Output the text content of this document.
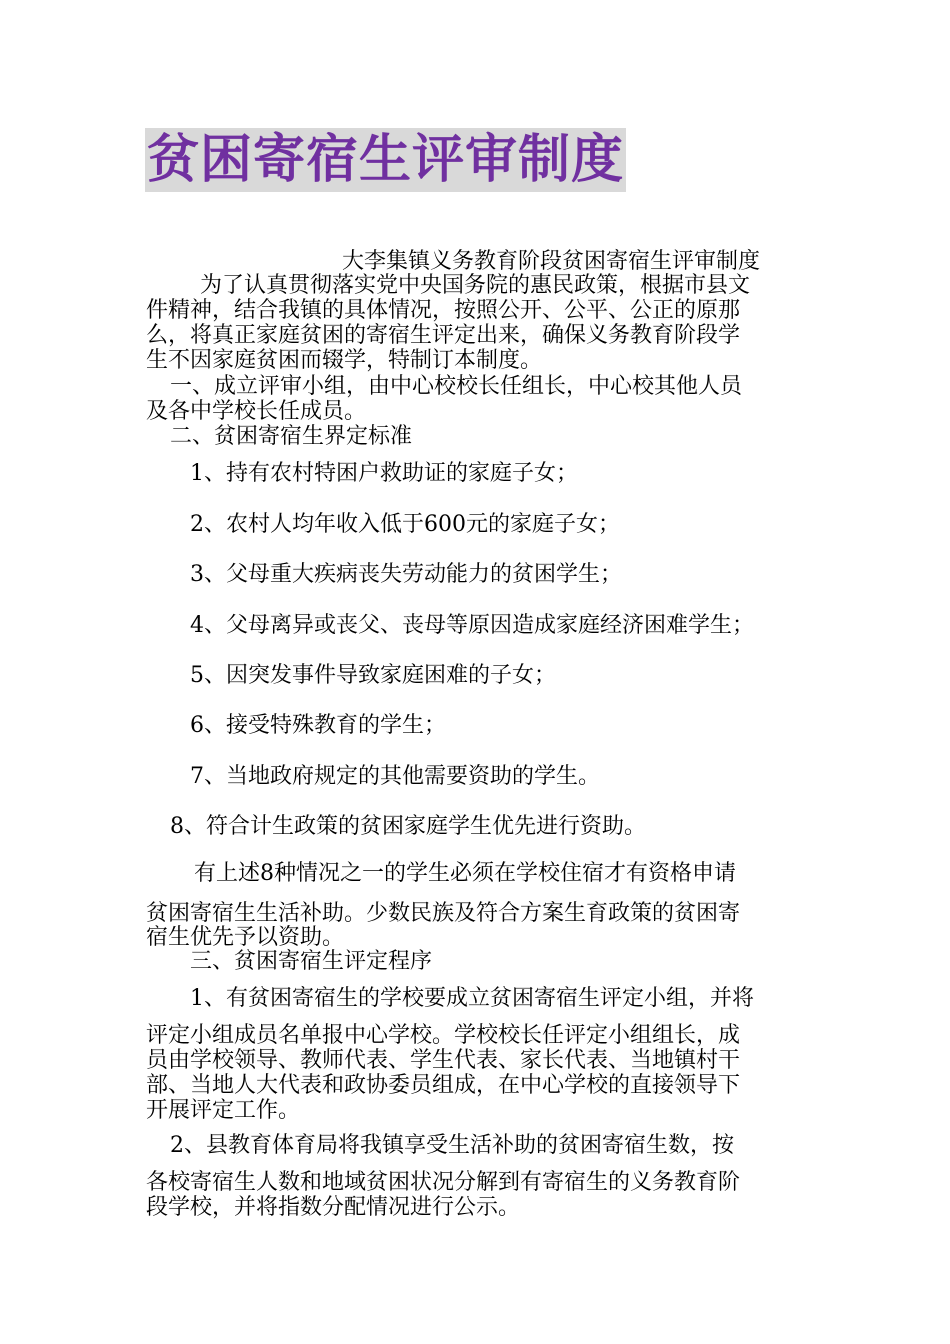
贫困寄宿生评审制度
大李集镇义务教育阶段贫困寄宿生评审制度
为了认真贯彻落实党中央国务院的惠民政策，根据市县文
件精神，结合我镇的具体情况，按照公开、公平、公正的原那
么，将真正家庭贫困的寄宿生评定出来，确保义务教育阶段学
生不因家庭贫困而辍学，特制订本制度。
一、成立评审小组，由中心校校长任组长，中心校其他人员
及各中学校长任成员。
二、贫困寄宿生界定标准
1、持有农村特困户救助证的家庭子女；
2、农村人均年收入低于600元的家庭子女；
3、父母重大疾病丧失劳动能力的贫困学生；
4、父母离异或丧父、丧母等原因造成家庭经济困难学生；
5、因突发事件导致家庭困难的子女；
6、接受特殊教育的学生；
7、当地政府规定的其他需要资助的学生。
8、符合计生政策的贫困家庭学生优先进行资助。
有上述8种情况之一的学生必须在学校住宿才有资格申请
贫困寄宿生生活补助。少数民族及符合方案生育政策的贫困寄
宿生优先予以资助。
三、贫困寄宿生评定程序
1、有贫困寄宿生的学校要成立贫困寄宿生评定小组，并将
评定小组成员名单报中心学校。学校校长任评定小组组长，成
员由学校领导、教师代表、学生代表、家长代表、当地镇村干
部、当地人大代表和政协委员组成，在中心学校的直接领导下
开展评定工作。
2、县教育体育局将我镇享受生活补助的贫困寄宿生数，按
各校寄宿生人数和地域贫困状况分解到有寄宿生的义务教育阶
段学校，并将指数分配情况进行公示。
